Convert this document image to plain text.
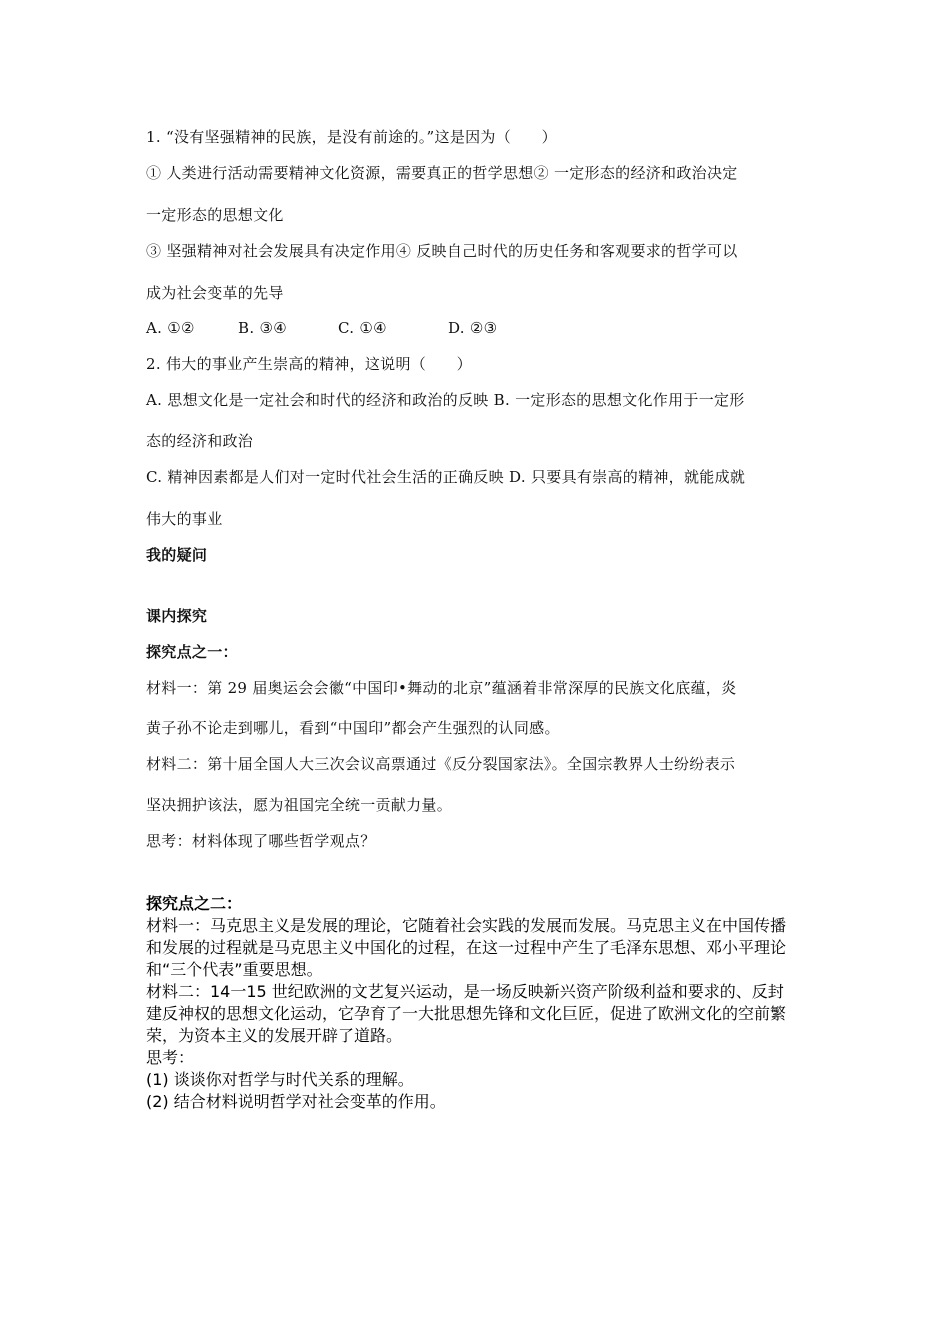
1. “没有坚强精神的民族，是没有前途的。”这是因为（　　）
① 人类进行活动需要精神文化资源，需要真正的哲学思想② 一定形态的经济和政治决定
一定形态的思想文化
③ 坚强精神对社会发展具有决定作用④ 反映自己时代的历史任务和客观要求的哲学可以
成为社会变革的先导
A. ①②	B. ③④	C. ①④	D. ②③
2. 伟大的事业产生崇高的精神，这说明（　　）
A. 思想文化是一定社会和时代的经济和政治的反映 B. 一定形态的思想文化作用于一定形
态的经济和政治
C. 精神因素都是人们对一定时代社会生活的正确反映 D. 只要具有崇高的精神，就能成就
伟大的事业
我的疑问
课内探究
探究点之一：
材料一：第 29 届奥运会会徽“中国印•舞动的北京”蕴涵着非常深厚的民族文化底蕴，炎
黄子孙不论走到哪儿，看到“中国印”都会产生强烈的认同感。
材料二：第十届全国人大三次会议高票通过《反分裂国家法》。全国宗教界人士纷纷表示
坚决拥护该法，愿为祖国完全统一贡献力量。
思考：材料体现了哪些哲学观点？
探究点之二：
材料一：马克思主义是发展的理论，它随着社会实践的发展而发展。马克思主义在中国传播
和发展的过程就是马克思主义中国化的过程，在这一过程中产生了毛泽东思想、邓小平理论
和“三个代表”重要思想。
材料二：14一15 世纪欧洲的文艺复兴运动，是一场反映新兴资产阶级利益和要求的、反封
建反神权的思想文化运动，它孕育了一大批思想先锋和文化巨匠，促进了欧洲文化的空前繁
荣，为资本主义的发展开辟了道路。
思考：
(1) 谈谈你对哲学与时代关系的理解。
(2) 结合材料说明哲学对社会变革的作用。
